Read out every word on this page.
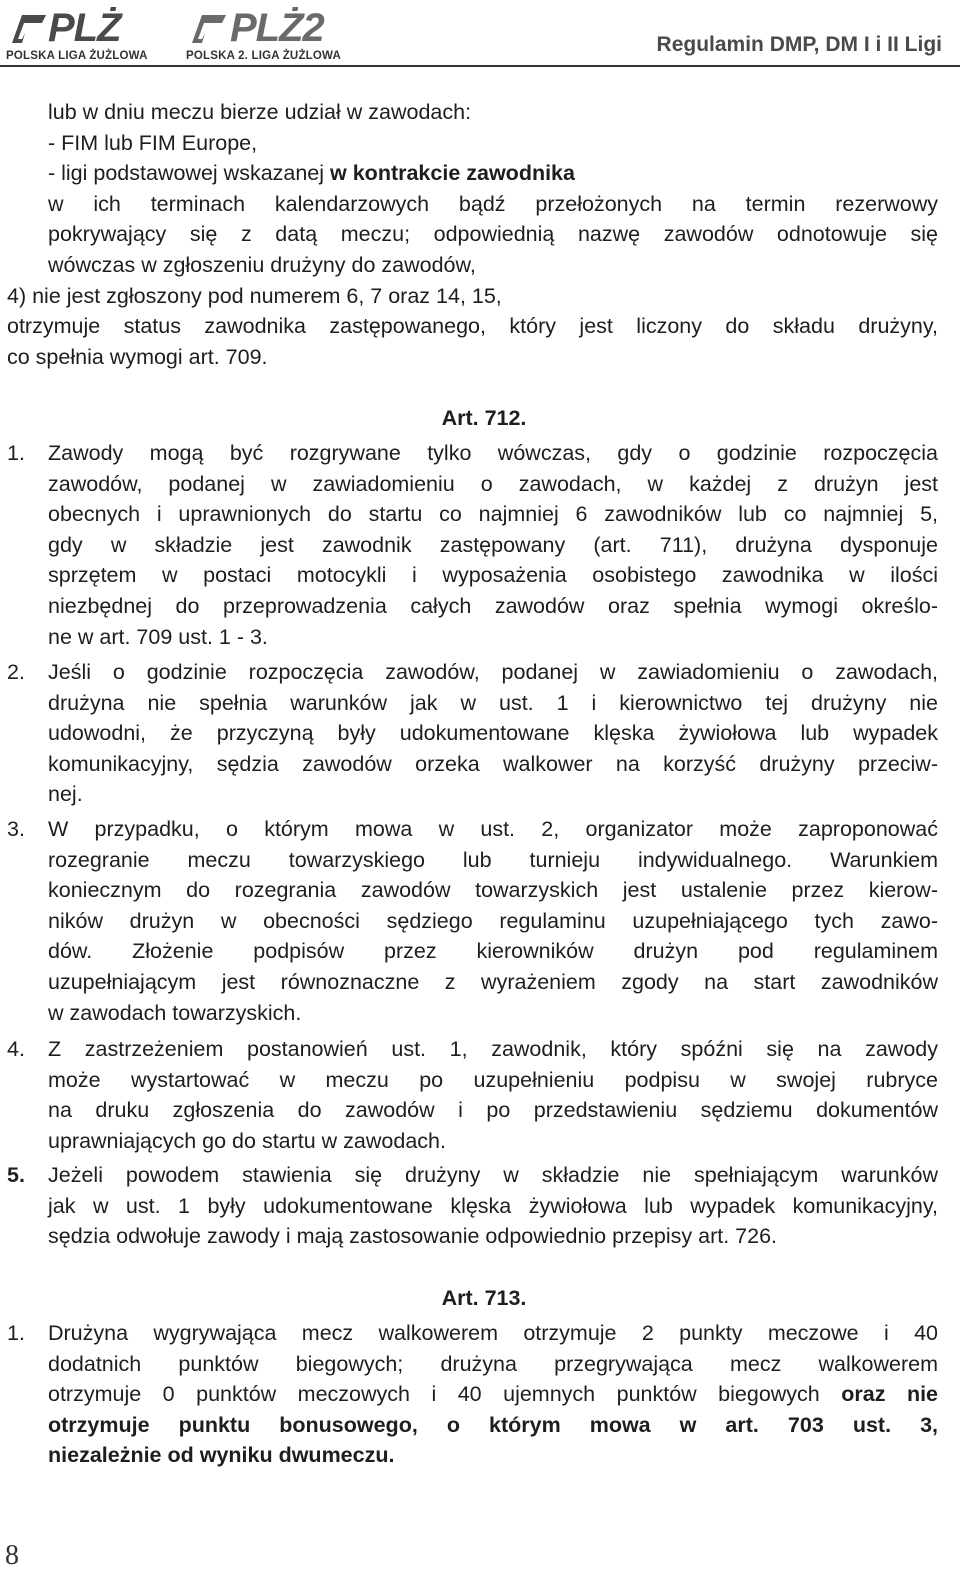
PLŻ
POLSKA LIGA ŻUŻLOWA
PLŻ2
POLSKA 2. LIGA ŻUŻLOWA	Regulamin DMP, DM I i II Ligi
lub w dniu meczu bierze udział w zawodach:
- FIM lub FIM Europe,
- ligi podstawowej wskazanej w kontrakcie zawodnika
w ich terminach kalendarzowych bądź przełożonych na termin rezerwowy
pokrywający się z datą meczu; odpowiednią nazwę zawodów odnotowuje się
wówczas w zgłoszeniu drużyny do zawodów,
4) nie jest zgłoszony pod numerem 6, 7 oraz 14, 15,
otrzymuje status zawodnika zastępowanego, który jest liczony do składu drużyny,
co spełnia wymogi art. 709.
Art. 712.
1. Zawody mogą być rozgrywane tylko wówczas, gdy o godzinie rozpoczęcia
zawodów, podanej w zawiadomieniu o zawodach, w każdej z drużyn jest
obecnych i uprawnionych do startu co najmniej 6 zawodników lub co najmniej 5,
gdy w składzie jest zawodnik zastępowany (art. 711), drużyna dysponuje
sprzętem w postaci motocykli i wyposażenia osobistego zawodnika w ilości
niezbędnej do przeprowadzenia całych zawodów oraz spełnia wymogi określo-
ne w art. 709 ust. 1 - 3.
2. Jeśli o godzinie rozpoczęcia zawodów, podanej w zawiadomieniu o zawodach,
drużyna nie spełnia warunków jak w ust. 1 i kierownictwo tej drużyny nie
udowodni, że przyczyną były udokumentowane klęska żywiołowa lub wypadek
komunikacyjny, sędzia zawodów orzeka walkower na korzyść drużyny przeciw-
nej.
3. W przypadku, o którym mowa w ust. 2, organizator może zaproponować
rozegranie meczu towarzyskiego lub turnieju indywidualnego. Warunkiem
koniecznym do rozegrania zawodów towarzyskich jest ustalenie przez kierow-
ników drużyn w obecności sędziego regulaminu uzupełniającego tych zawo-
dów. Złożenie podpisów przez kierowników drużyn pod regulaminem
uzupełniającym jest równoznaczne z wyrażeniem zgody na start zawodników
w zawodach towarzyskich.
4. Z zastrzeżeniem postanowień ust. 1, zawodnik, który spóźni się na zawody
może wystartować w meczu po uzupełnieniu podpisu w swojej rubryce
na druku zgłoszenia do zawodów i po przedstawieniu sędziemu dokumentów
uprawniających go do startu w zawodach.
5. Jeżeli powodem stawienia się drużyny w składzie nie spełniającym warunków
jak w ust. 1 były udokumentowane klęska żywiołowa lub wypadek komunikacyjny,
sędzia odwołuje zawody i mają zastosowanie odpowiednio przepisy art. 726.
Art. 713.
1. Drużyna wygrywająca mecz walkowerem otrzymuje 2 punkty meczowe i 40
dodatnich punktów biegowych; drużyna przegrywająca mecz walkowerem
otrzymuje 0 punktów meczowych i 40 ujemnych punktów biegowych oraz nie
otrzymuje punktu bonusowego, o którym mowa w art. 703 ust. 3,
niezależnie od wyniku dwumeczu.
8
